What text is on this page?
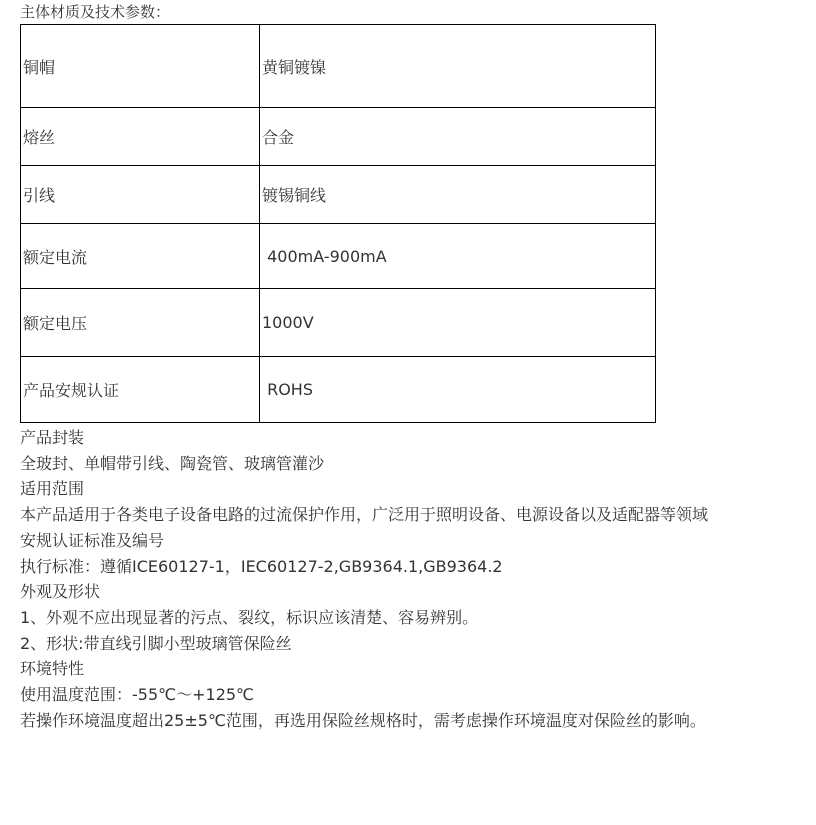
主体材质及技术参数：
铜帽	黄铜镀镍
熔丝	合金
引线	镀锡铜线
额定电流	400mA-900mA
额定电压	1000V
产品安规认证	ROHS
产品封装
全玻封、单帽带引线、陶瓷管、玻璃管灌沙
适用范围
本产品适用于各类电子设备电路的过流保护作用，广泛用于照明设备、电源设备以及适配器等领域
安规认证标准及编号
执行标准：遵循ICE60127-1，IEC60127-2,GB9364.1,GB9364.2
外观及形状
1、外观不应出现显著的污点、裂纹，标识应该清楚、容易辨别。
2、形状:带直线引脚小型玻璃管保险丝
环境特性
使用温度范围：-55℃～+125℃
若操作环境温度超出25±5℃范围，再选用保险丝规格时，需考虑操作环境温度对保险丝的影响。
